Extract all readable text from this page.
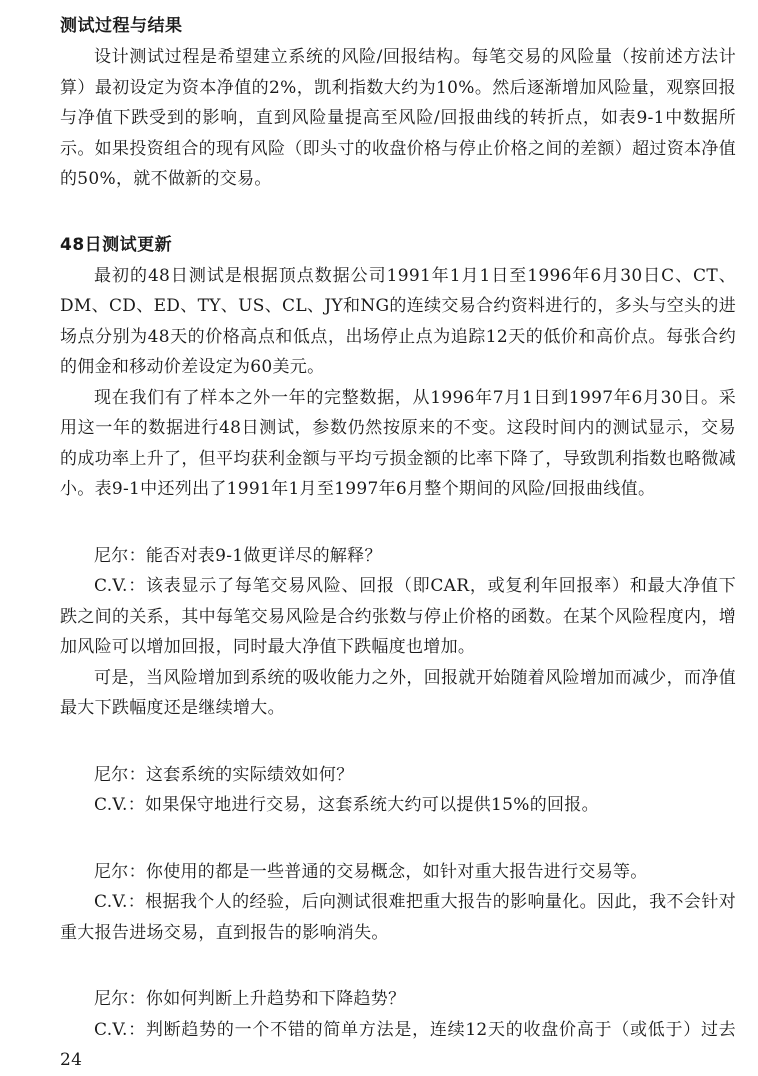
测试过程与结果

设计测试过程是希望建立系统的风险/回报结构。每笔交易的风险量（按前述方法计算）最初设定为资本净值的2%，凯利指数大约为10%。然后逐渐增加风险量，观察回报与净值下跌受到的影响，直到风险量提高至风险/回报曲线的转折点，如表9-1中数据所示。如果投资组合的现有风险（即头寸的收盘价格与停止价格之间的差额）超过资本净值的50%，就不做新的交易。

48日测试更新

最初的48日测试是根据顶点数据公司1991年1月1日至1996年6月30日C、CT、DM、CD、ED、TY、US、CL、JY和NG的连续交易合约资料进行的，多头与空头的进场点分别为48天的价格高点和低点，出场停止点为追踪12天的低价和高价点。每张合约的佣金和移动价差设定为60美元。

现在我们有了样本之外一年的完整数据，从1996年7月1日到1997年6月30日。采用这一年的数据进行48日测试，参数仍然按原来的不变。这段时间内的测试显示，交易的成功率上升了，但平均获利金额与平均亏损金额的比率下降了，导致凯利指数也略微减小。表9-1中还列出了1991年1月至1997年6月整个期间的风险/回报曲线值。

尼尔：能否对表9-1做更详尽的解释？

C.V.：该表显示了每笔交易风险、回报（即CAR，或复利年回报率）和最大净值下跌之间的关系，其中每笔交易风险是合约张数与停止价格的函数。在某个风险程度内，增加风险可以增加回报，同时最大净值下跌幅度也增加。

可是，当风险增加到系统的吸收能力之外，回报就开始随着风险增加而减少，而净值最大下跌幅度还是继续增大。

尼尔：这套系统的实际绩效如何？

C.V.：如果保守地进行交易，这套系统大约可以提供15%的回报。

尼尔：你使用的都是一些普通的交易概念，如针对重大报告进行交易等。

C.V.：根据我个人的经验，后向测试很难把重大报告的影响量化。因此，我不会针对重大报告进场交易，直到报告的影响消失。

尼尔：你如何判断上升趋势和下降趋势？

C.V.：判断趋势的一个不错的简单方法是，连续12天的收盘价高于（或低于）过去24
